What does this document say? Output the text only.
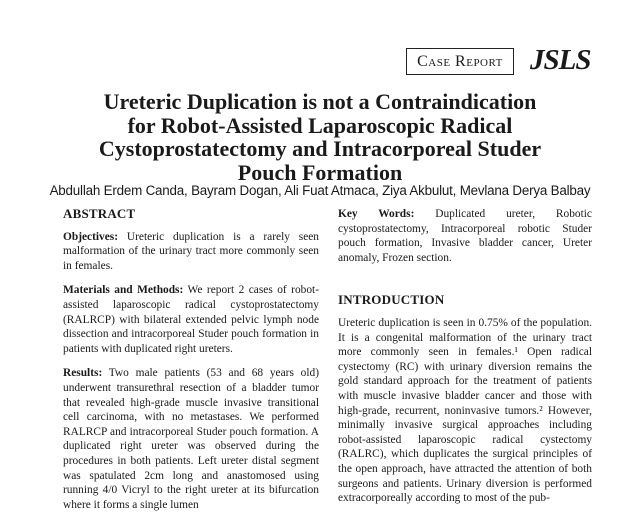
Case Report JSLS
Ureteric Duplication is not a Contraindication
for Robot-Assisted Laparoscopic Radical
Cystoprostatectomy and Intracorporeal Studer
Pouch Formation
Abdullah Erdem Canda, Bayram Dogan, Ali Fuat Atmaca, Ziya Akbulut, Mevlana Derya Balbay
ABSTRACT

Objectives: Ureteric duplication is a rarely seen malformation of the urinary tract more commonly seen in females.

Materials and Methods: We report 2 cases of robot-assisted laparoscopic radical cystoprostatectomy (RALRCP) with bilateral extended pelvic lymph node dissection and intracorporeal Studer pouch formation in patients with duplicated right ureters.

Results: Two male patients (53 and 68 years old) underwent transurethral resection of a bladder tumor that revealed high-grade muscle invasive transitional cell carcinoma, with no metastases. We performed RALRCP and intracorporeal Studer pouch formation. A duplicated right ureter was observed during the procedures in both patients. Left ureter distal segment was spatulated 2cm long and anastomosed using running 4/0 Vicryl to the right ureter at its bifurcation where it forms a single lumen

Key Words: Duplicated ureter, Robotic cystoprostatectomy, Intracorporeal robotic Studer pouch formation, Invasive bladder cancer, Ureter anomaly, Frozen section.

INTRODUCTION

Ureteric duplication is seen in 0.75% of the population. It is a congenital malformation of the urinary tract more commonly seen in females.¹ Open radical cystectomy (RC) with urinary diversion remains the gold standard approach for the treatment of patients with muscle invasive bladder cancer and those with high-grade, recurrent, noninvasive tumors.² However, minimally invasive surgical approaches including robot-assisted laparoscopic radical cystectomy (RALRC), which duplicates the surgical principles of the open approach, have attracted the attention of both surgeons and patients. Urinary diversion is performed extracorporeally according to most of the pub-
